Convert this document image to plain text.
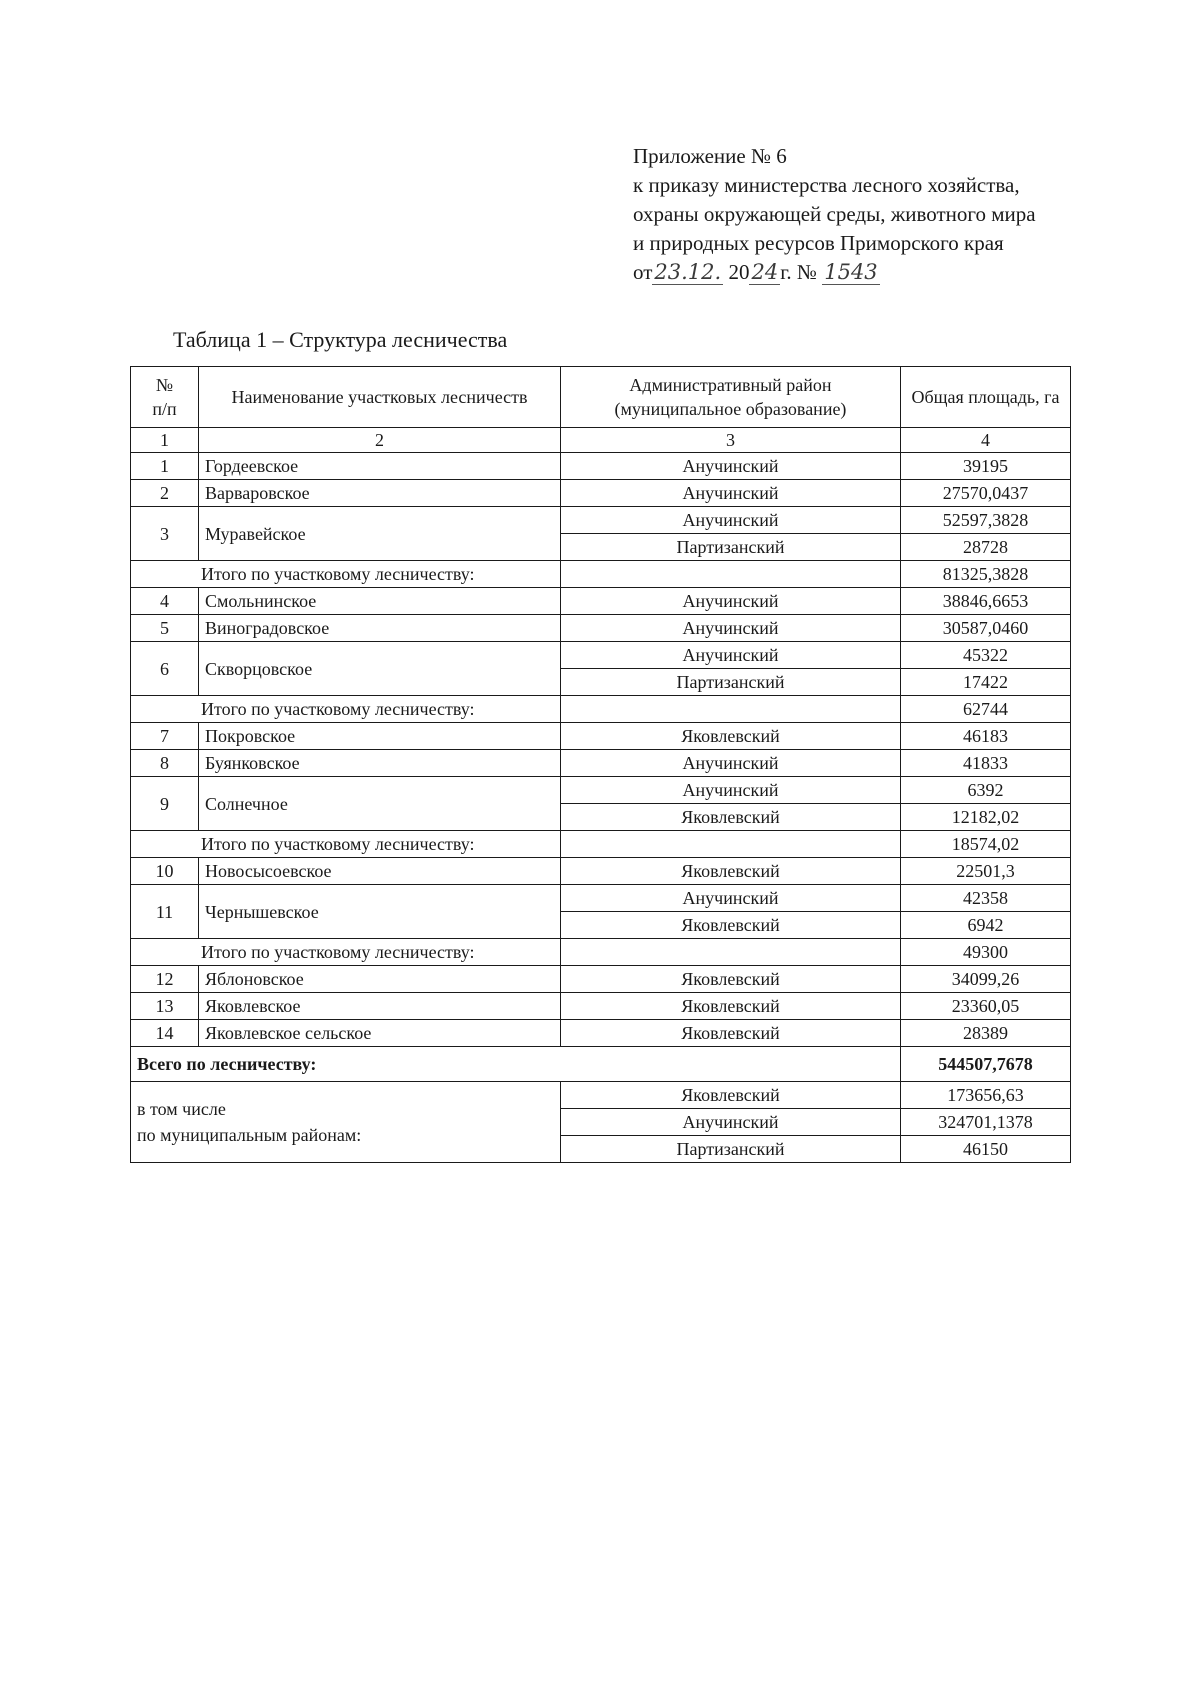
Приложение № 6
к приказу министерства лесного хозяйства,
охраны окружающей среды, животного мира
и природных ресурсов Приморского края
от23.12. 2024г. № 1543
Таблица 1 – Структура лесничества
№
п/п	Наименование участковых лесничеств	Административный район (муниципальное образование)	Общая площадь, га
1	2	3	4
1	Гордеевское	Анучинский	39195
2	Варваровское	Анучинский	27570,0437
3	Муравейское	Анучинский	52597,3828
		Партизанский	28728
Итого по участковому лесничеству:			81325,3828
4	Смольнинское	Анучинский	38846,6653
5	Виноградовское	Анучинский	30587,0460
6	Скворцовское	Анучинский	45322
		Партизанский	17422
Итого по участковому лесничеству:			62744
7	Покровское	Яковлевский	46183
8	Буянковское	Анучинский	41833
9	Солнечное	Анучинский	6392
		Яковлевский	12182,02
Итого по участковому лесничеству:			18574,02
10	Новосысоевское	Яковлевский	22501,3
11	Чернышевское	Анучинский	42358
		Яковлевский	6942
Итого по участковому лесничеству:			49300
12	Яблоновское	Яковлевский	34099,26
13	Яковлевское	Яковлевский	23360,05
14	Яковлевское сельское	Яковлевский	28389
Всего по лесничеству:			544507,7678
в том числе
по муниципальным районам:		Яковлевский	173656,63
		Анучинский	324701,1378
		Партизанский	46150
